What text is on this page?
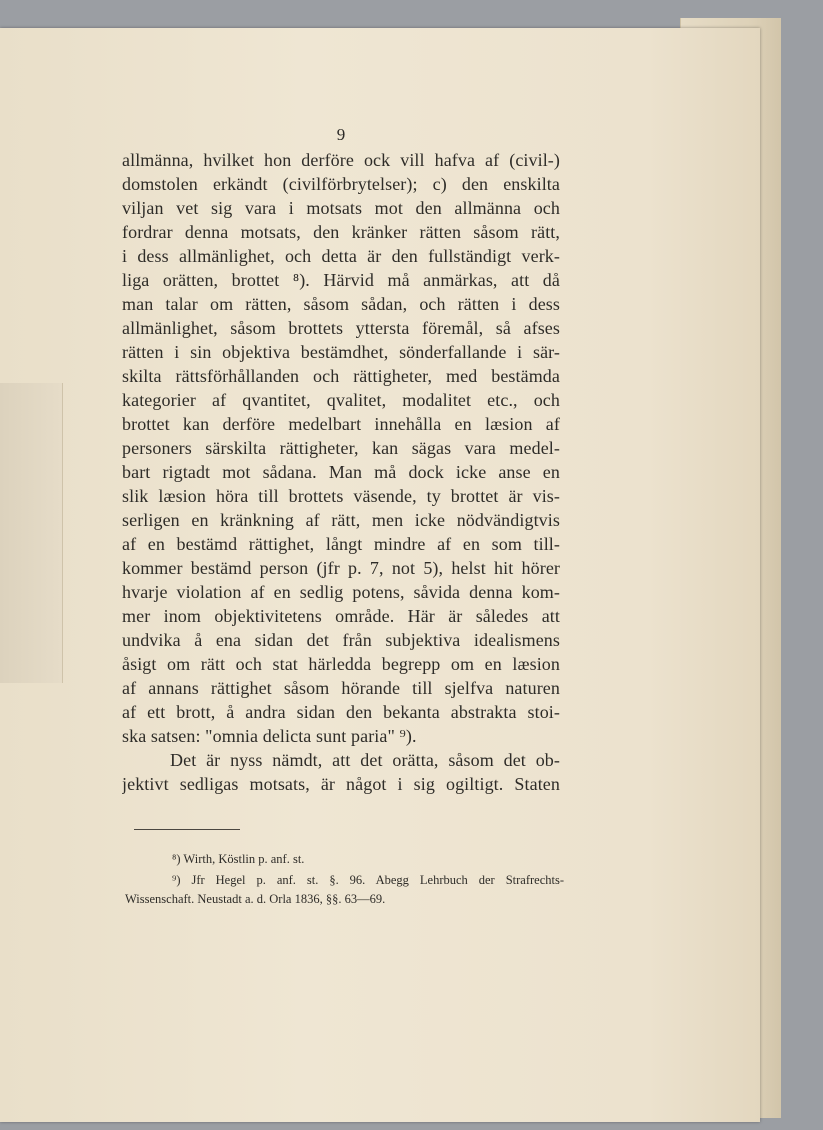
9
allmänna, hvilket hon derföre ock vill hafva af (civil-)
domstolen erkändt (civilförbrytelser); c) den enskilta
viljan vet sig vara i motsats mot den allmänna och
fordrar denna motsats, den kränker rätten såsom rätt,
i dess allmänlighet, och detta är den fullständigt verk-
liga orätten, brottet ⁸). Härvid må anmärkas, att då
man talar om rätten, såsom sådan, och rätten i dess
allmänlighet, såsom brottets yttersta föremål, så afses
rätten i sin objektiva bestämdhet, sönderfallande i sär-
skilta rättsförhållanden och rättigheter, med bestämda
kategorier af qvantitet, qvalitet, modalitet etc., och
brottet kan derföre medelbart innehålla en læsion af
personers särskilta rättigheter, kan sägas vara medel-
bart rigtadt mot sådana. Man må dock icke anse en
slik læsion höra till brottets väsende, ty brottet är vis-
serligen en kränkning af rätt, men icke nödvändigtvis
af en bestämd rättighet, långt mindre af en som till-
kommer bestämd person (jfr p. 7, not 5), helst hit hörer
hvarje violation af en sedlig potens, såvida denna kom-
mer inom objektivitetens område. Här är således att
undvika å ena sidan det från subjektiva idealismens
åsigt om rätt och stat härledda begrepp om en læsion
af annans rättighet såsom hörande till sjelfva naturen
af ett brott, å andra sidan den bekanta abstrakta stoi-
ska satsen: "omnia delicta sunt paria" ⁹).
Det är nyss nämdt, att det orätta, såsom det ob-
jektivt sedligas motsats, är något i sig ogiltigt. Staten
⁸) Wirth, Köstlin p. anf. st.
⁹) Jfr Hegel p. anf. st. §. 96. Abegg Lehrbuch der Strafrechts-
Wissenschaft. Neustadt a. d. Orla 1836, §§. 63—69.
